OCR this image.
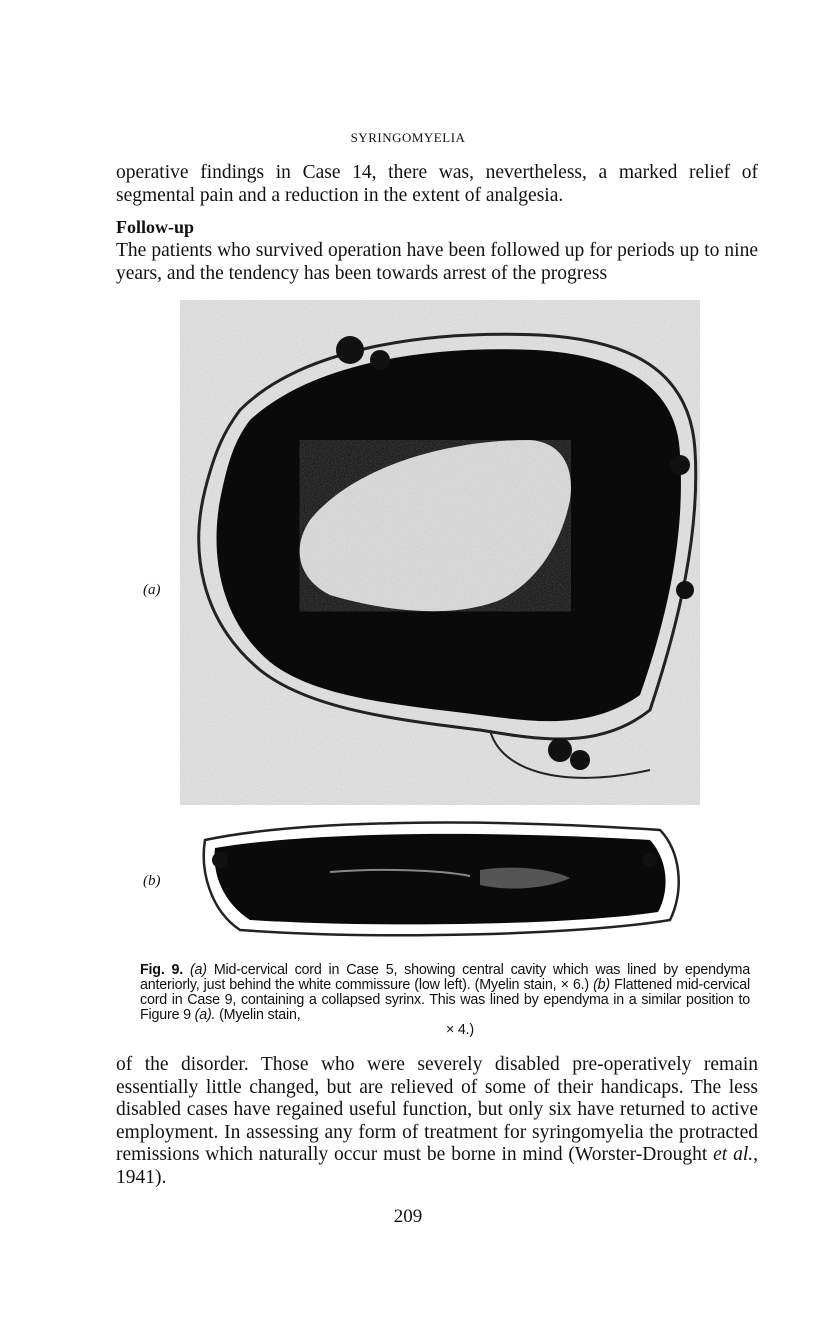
SYRINGOMYELIA

operative findings in Case 14, there was, nevertheless, a marked relief of segmental pain and a reduction in the extent of analgesia.

Follow-up

The patients who survived operation have been followed up for periods up to nine years, and the tendency has been towards arrest of the progress

(a)
(b)
Fig. 9. (a) Mid-cervical cord in Case 5, showing central cavity which was lined by ependyma anteriorly, just behind the white commissure (low left). (Myelin stain, × 6.) (b) Flattened mid-cervical cord in Case 9, containing a collapsed syrinx. This was lined by ependyma in a similar position to Figure 9 (a). (Myelin stain,
× 4.)

of the disorder. Those who were severely disabled pre-operatively remain essentially little changed, but are relieved of some of their handicaps. The less disabled cases have regained useful function, but only six have returned to active employment. In assessing any form of treatment for syringomyelia the protracted remissions which naturally occur must be borne in mind (Worster-Drought et al., 1941).

209
